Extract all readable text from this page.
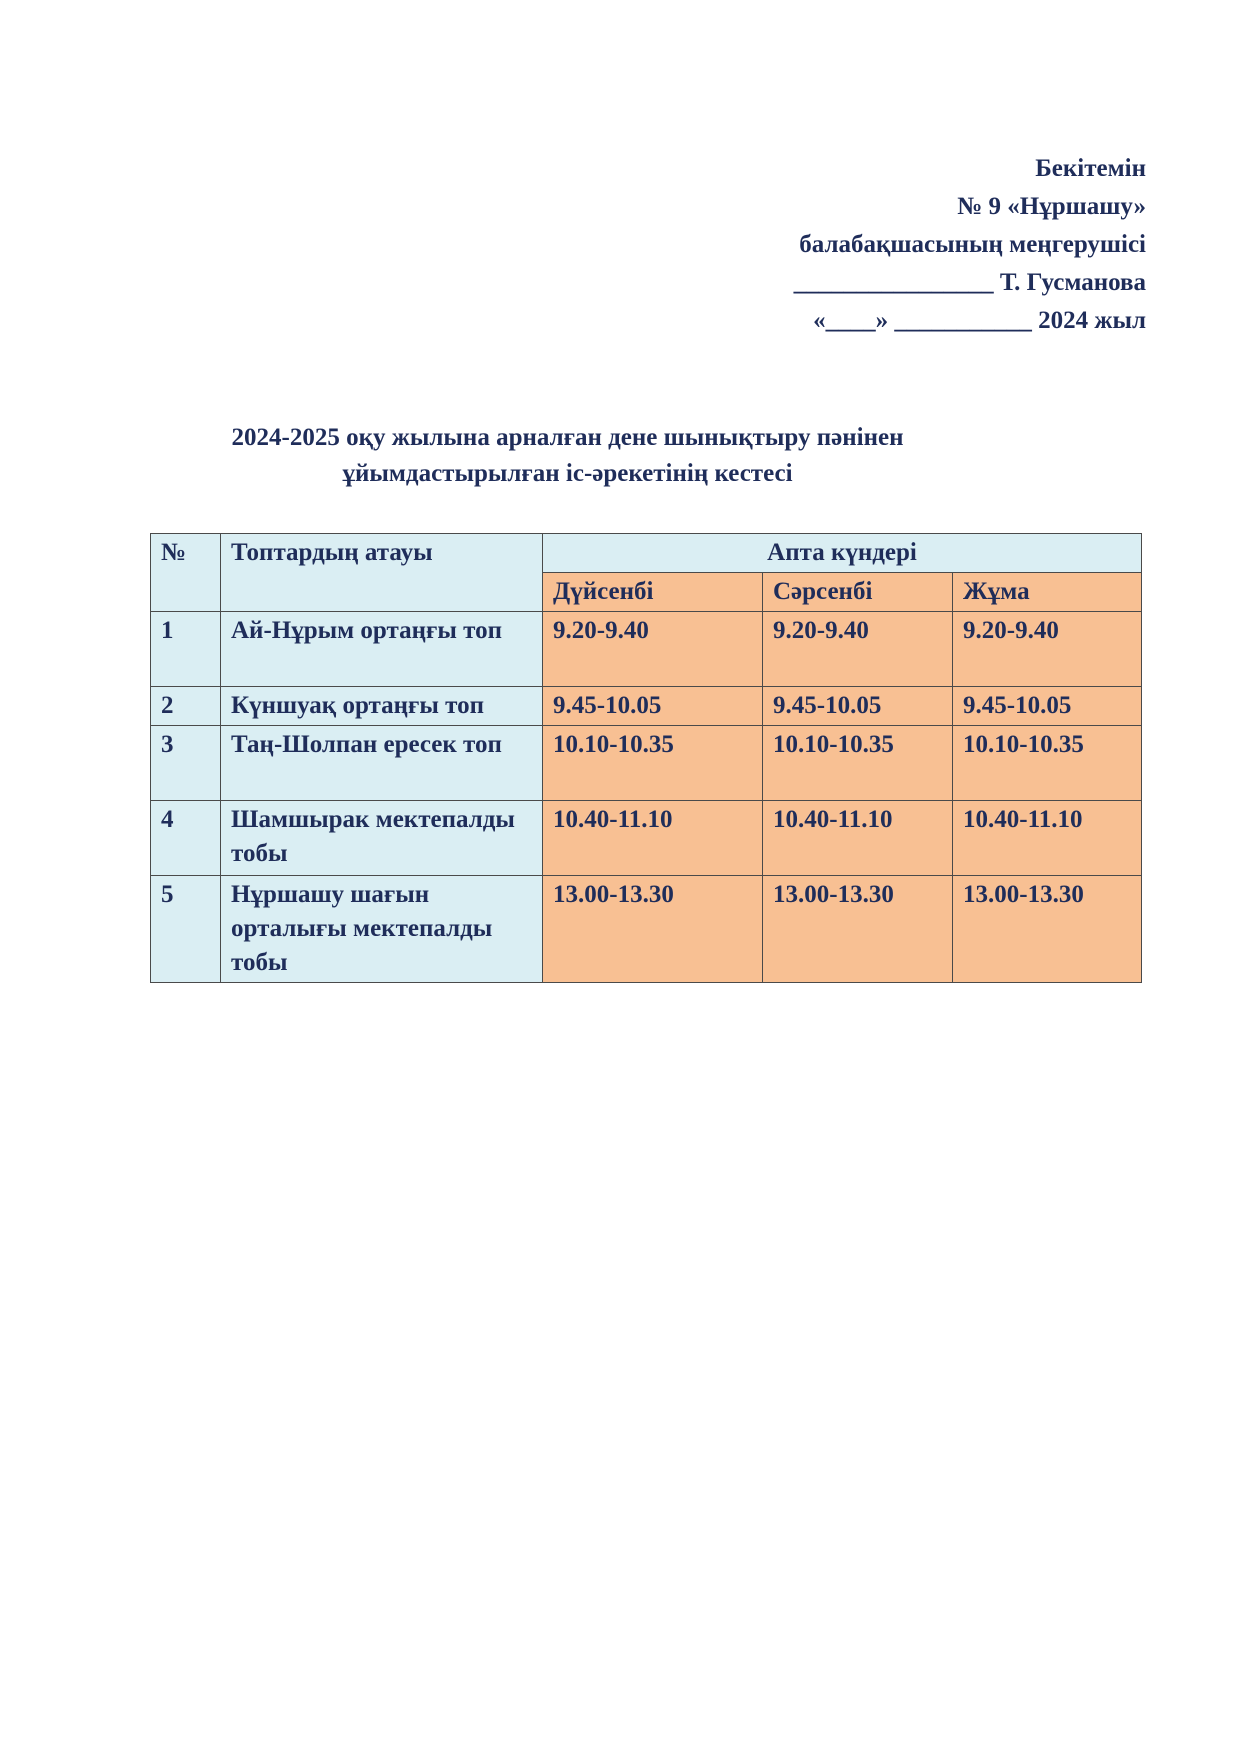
Бекітемін
№ 9 «Нұршашу»
балабақшасының меңгерушісі
________________ Т. Гусманова
«____» ___________ 2024 жыл
2024-2025 оқу жылына арналған дене шынықтыру пәнінен
ұйымдастырылған іс-әрекетінің кестесі
№	Топтардың атауы	Апта күндері		
		Дүйсенбі	Сәрсенбі	Жұма
1	Ай-Нұрым ортаңғы топ	9.20-9.40	9.20-9.40	9.20-9.40
2	Күншуақ ортаңғы топ	9.45-10.05	9.45-10.05	9.45-10.05
3	Таң-Шолпан ересек топ	10.10-10.35	10.10-10.35	10.10-10.35
4	Шамшырак мектепалды тобы	10.40-11.10	10.40-11.10	10.40-11.10
5	Нұршашу шағын орталығы мектепалды тобы	13.00-13.30	13.00-13.30	13.00-13.30
